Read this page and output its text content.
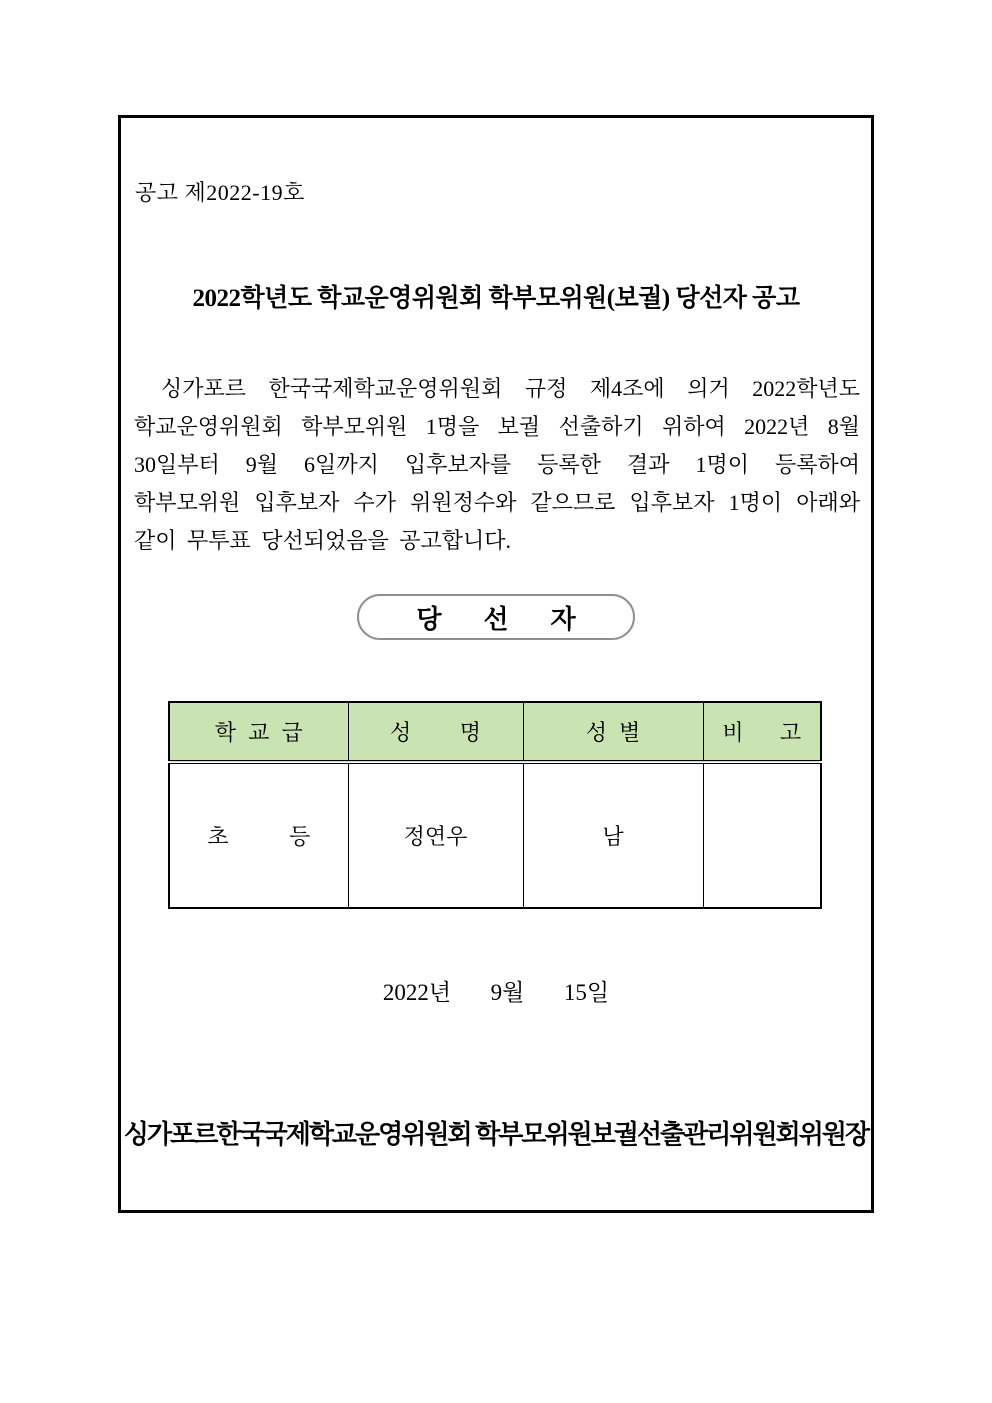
공고 제2022-19호
2022학년도 학교운영위원회 학부모위원(보궐) 당선자 공고

싱가포르 한국국제학교운영위원회 규정 제4조에 의거 2022학년도 학교운영위원회 학부모위원 1명을 보궐 선출하기 위하여 2022년 8월 30일부터 9월 6일까지 입후보자를 등록한 결과 1명이 등록하여 학부모위원 입후보자 수가 위원정수와 같으므로 입후보자 1명이 아래와 같이 무투표 당선되었음을 공고합니다.

당선자
학 교 급	성    명	성 별	비   고
초     등	정연우	남	
2022년  9월  15일
싱가포르한국국제학교운영위원회 학부모위원보궐선출관리위원회위원장
